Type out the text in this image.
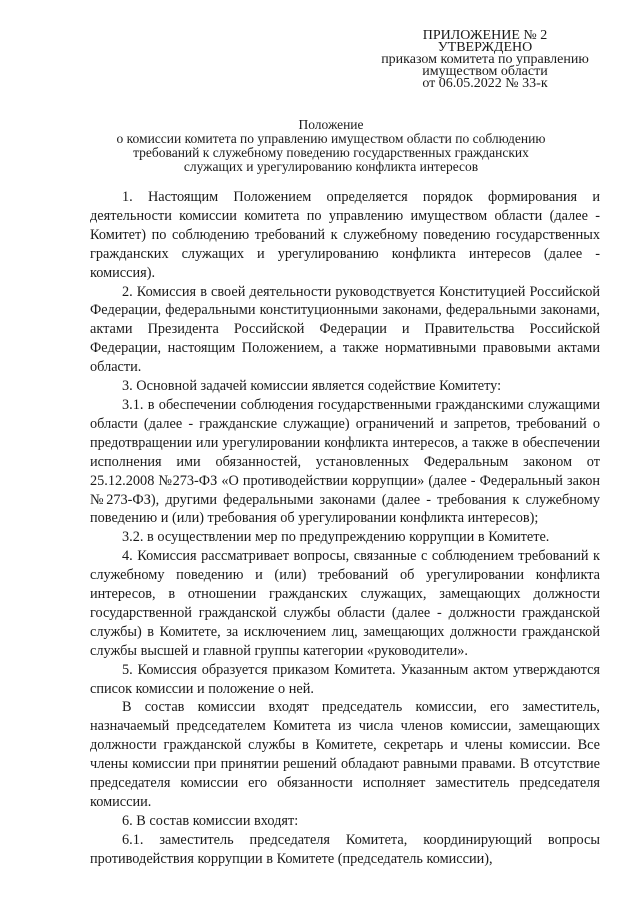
ПРИЛОЖЕНИЕ № 2
УТВЕРЖДЕНО
приказом комитета по управлению
имуществом области
от 06.05.2022 № 33-к
Положение
о комиссии комитета по управлению имуществом области по соблюдению
требований к служебному поведению государственных гражданских
служащих и урегулированию конфликта интересов

1. Настоящим Положением определяется порядок формирования и деятельности комиссии комитета по управлению имуществом области (далее - Комитет) по соблюдению требований к служебному поведению государственных гражданских служащих и урегулированию конфликта интересов (далее - комиссия).

2. Комиссия в своей деятельности руководствуется Конституцией Российской Федерации, федеральными конституционными законами, федеральными законами, актами Президента Российской Федерации и Правительства Российской Федерации, настоящим Положением, а также нормативными правовыми актами области.

3. Основной задачей комиссии является содействие Комитету:

3.1. в обеспечении соблюдения государственными гражданскими служащими области (далее - гражданские служащие) ограничений и запретов, требований о предотвращении или урегулировании конфликта интересов, а также в обеспечении исполнения ими обязанностей, установленных Федеральным законом от 25.12.2008 №273-ФЗ «О противодействии коррупции» (далее - Федеральный закон №273-ФЗ), другими федеральными законами (далее - требования к служебному поведению и (или) требования об урегулировании конфликта интересов);

3.2. в осуществлении мер по предупреждению коррупции в Комитете.

4. Комиссия рассматривает вопросы, связанные с соблюдением требований к служебному поведению и (или) требований об урегулировании конфликта интересов, в отношении гражданских служащих, замещающих должности государственной гражданской службы области (далее - должности гражданской службы) в Комитете, за исключением лиц, замещающих должности гражданской службы высшей и главной группы категории «руководители».

5. Комиссия образуется приказом Комитета. Указанным актом утверждаются список комиссии и положение о ней.

В состав комиссии входят председатель комиссии, его заместитель, назначаемый председателем Комитета из числа членов комиссии, замещающих должности гражданской службы в Комитете, секретарь и члены комиссии. Все члены комиссии при принятии решений обладают равными правами. В отсутствие председателя комиссии его обязанности исполняет заместитель председателя комиссии.

6. В состав комиссии входят:

6.1. заместитель председателя Комитета, координирующий вопросы противодействия коррупции в Комитете (председатель комиссии),
